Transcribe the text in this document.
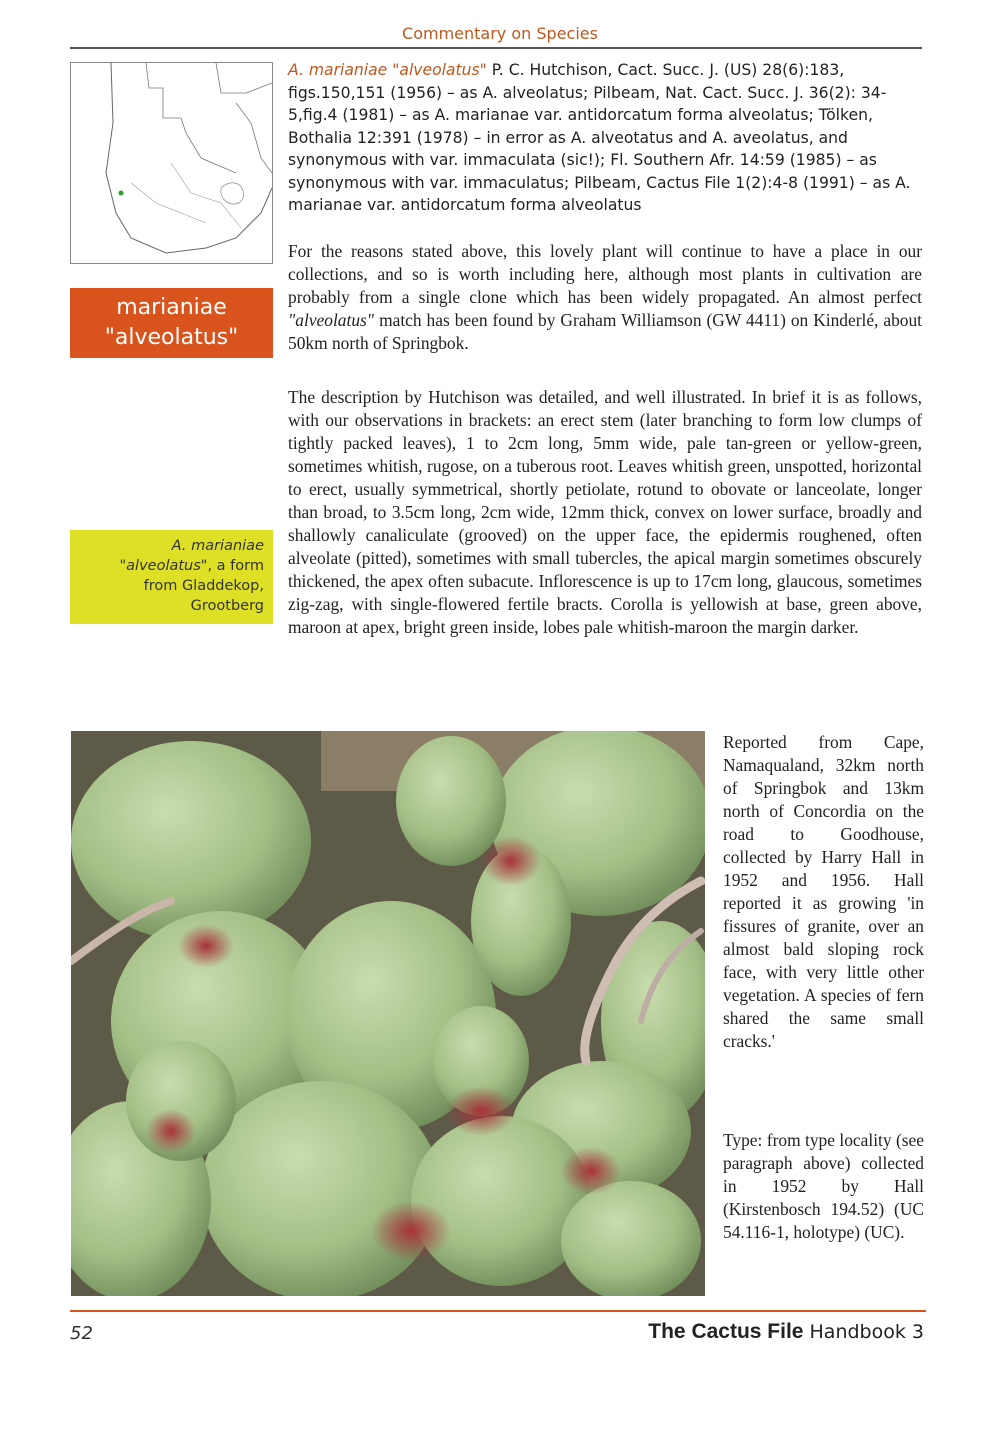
Commentary on Species
marianiae
"alveolatus"
A. marianiae
"alveolatus", a form
from Gladdekop,
Grootberg
A. marianiae "alveolatus" P. C. Hutchison, Cact. Succ. J. (US) 28(6):183, figs.150,151 (1956) – as A. alveolatus; Pilbeam, Nat. Cact. Succ. J. 36(2): 34-5,fig.4 (1981) – as A. marianae var. antidorcatum forma alveolatus; Tölken, Bothalia 12:391 (1978) – in error as A. alveotatus and A. aveolatus, and synonymous with var. immaculata (sic!); Fl. Southern Afr. 14:59 (1985) – as synonymous with var. immaculatus; Pilbeam, Cactus File 1(2):4-8 (1991) – as A. marianae var. antidorcatum forma alveolatus
For the reasons stated above, this lovely plant will continue to have a place in our collections, and so is worth including here, although most plants in cultivation are probably from a single clone which has been widely propagated. An almost perfect "alveolatus" match has been found by Graham Williamson (GW 4411) on Kinderlé, about 50km north of Springbok.
The description by Hutchison was detailed, and well illustrated. In brief it is as follows, with our observations in brackets: an erect stem (later branching to form low clumps of tightly packed leaves), 1 to 2cm long, 5mm wide, pale tan-green or yellow-green, sometimes whitish, rugose, on a tuberous root. Leaves whitish green, unspotted, horizontal to erect, usually symmetrical, shortly petiolate, rotund to obovate or lanceolate, longer than broad, to 3.5cm long, 2cm wide, 12mm thick, convex on lower surface, broadly and shallowly canaliculate (grooved) on the upper face, the epidermis roughened, often alveolate (pitted), sometimes with small tubercles, the apical margin sometimes obscurely thickened, the apex often subacute. Inflorescence is up to 17cm long, glaucous, sometimes zig-zag, with single-flowered fertile bracts. Corolla is yellowish at base, green above, maroon at apex, bright green inside, lobes pale whitish-maroon the margin darker.
Reported from Cape, Namaqualand, 32km north of Springbok and 13km north of Concordia on the road to Goodhouse, collected by Harry Hall in 1952 and 1956. Hall reported it as growing 'in fissures of granite, over an almost bald sloping rock face, with very little other vegetation. A species of fern shared the same small cracks.'
Type: from type locality (see paragraph above) collected in 1952 by Hall (Kirstenbosch 194.52) (UC 54.116-1, holotype) (UC).
52	The Cactus File Handbook 3
